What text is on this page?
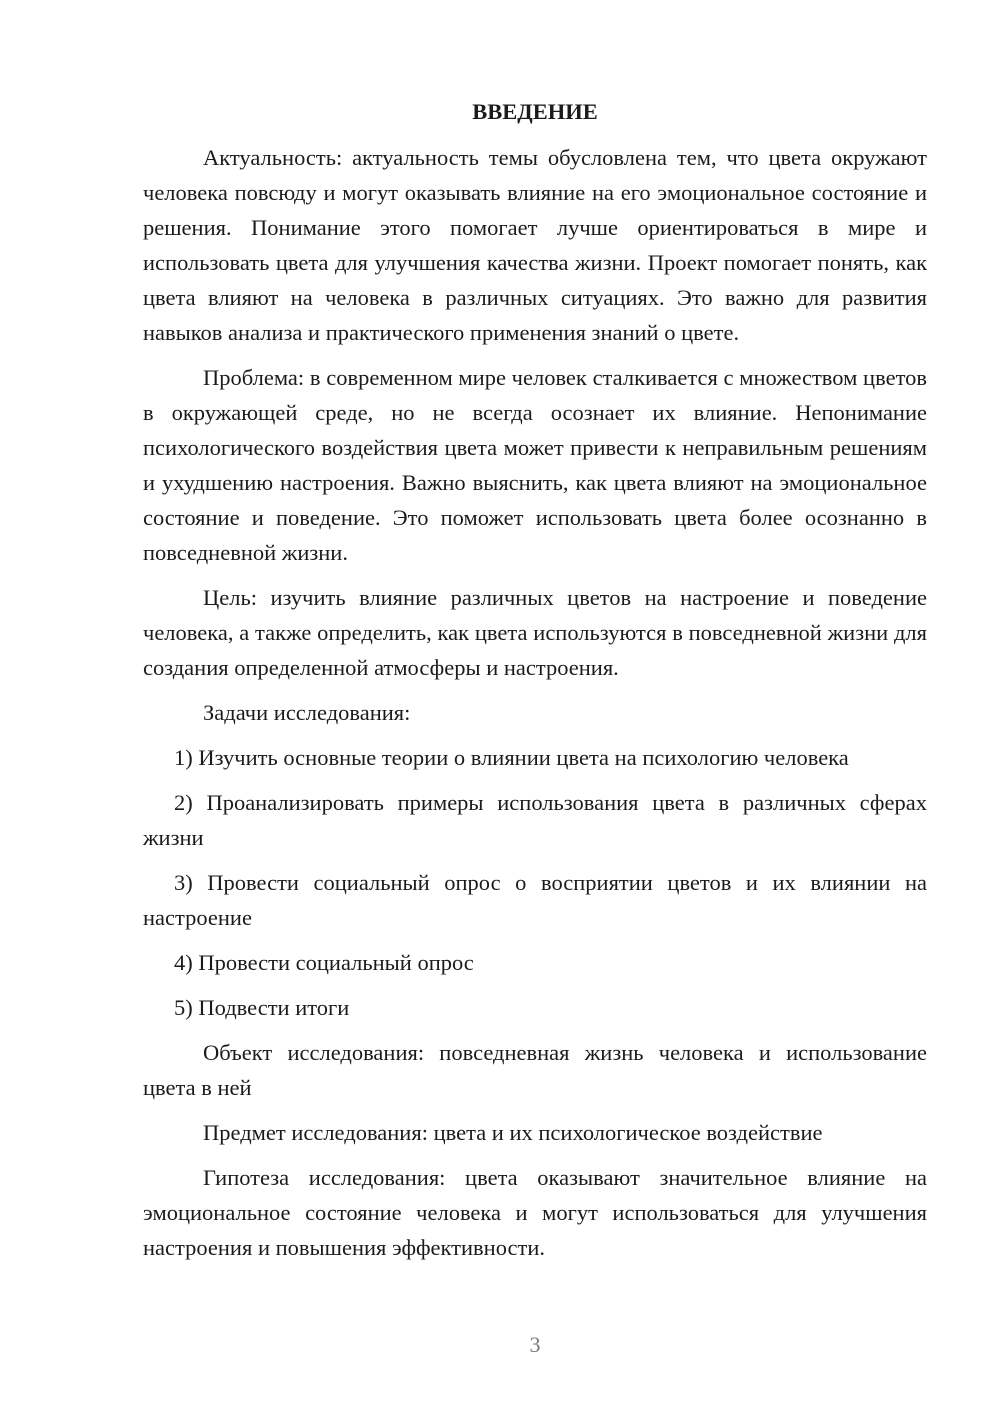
ВВЕДЕНИЕ

Актуальность: актуальность темы обусловлена тем, что цвета окружают человека повсюду и могут оказывать влияние на его эмоциональное состояние и решения. Понимание этого помогает лучше ориентироваться в мире и использовать цвета для улучшения качества жизни. Проект помогает понять, как цвета влияют на человека в различных ситуациях. Это важно для развития навыков анализа и практического применения знаний о цвете.

Проблема: в современном мире человек сталкивается с множеством цветов в окружающей среде, но не всегда осознает их влияние. Непонимание психологического воздействия цвета может привести к неправильным решениям и ухудшению настроения. Важно выяснить, как цвета влияют на эмоциональное состояние и поведение. Это поможет использовать цвета более осознанно в повседневной жизни.

Цель: изучить влияние различных цветов на настроение и поведение человека, а также определить, как цвета используются в повседневной жизни для создания определенной атмосферы и настроения.

Задачи исследования:

1) Изучить основные теории о влиянии цвета на психологию человека

2) Проанализировать примеры использования цвета в различных сферах жизни

3) Провести социальный опрос о восприятии цветов и их влиянии на настроение

4) Провести социальный опрос

5) Подвести итоги

Объект исследования: повседневная жизнь человека и использование цвета в ней

Предмет исследования: цвета и их психологическое воздействие

Гипотеза исследования: цвета оказывают значительное влияние на эмоциональное состояние человека и могут использоваться для улучшения настроения и повышения эффективности.

3
